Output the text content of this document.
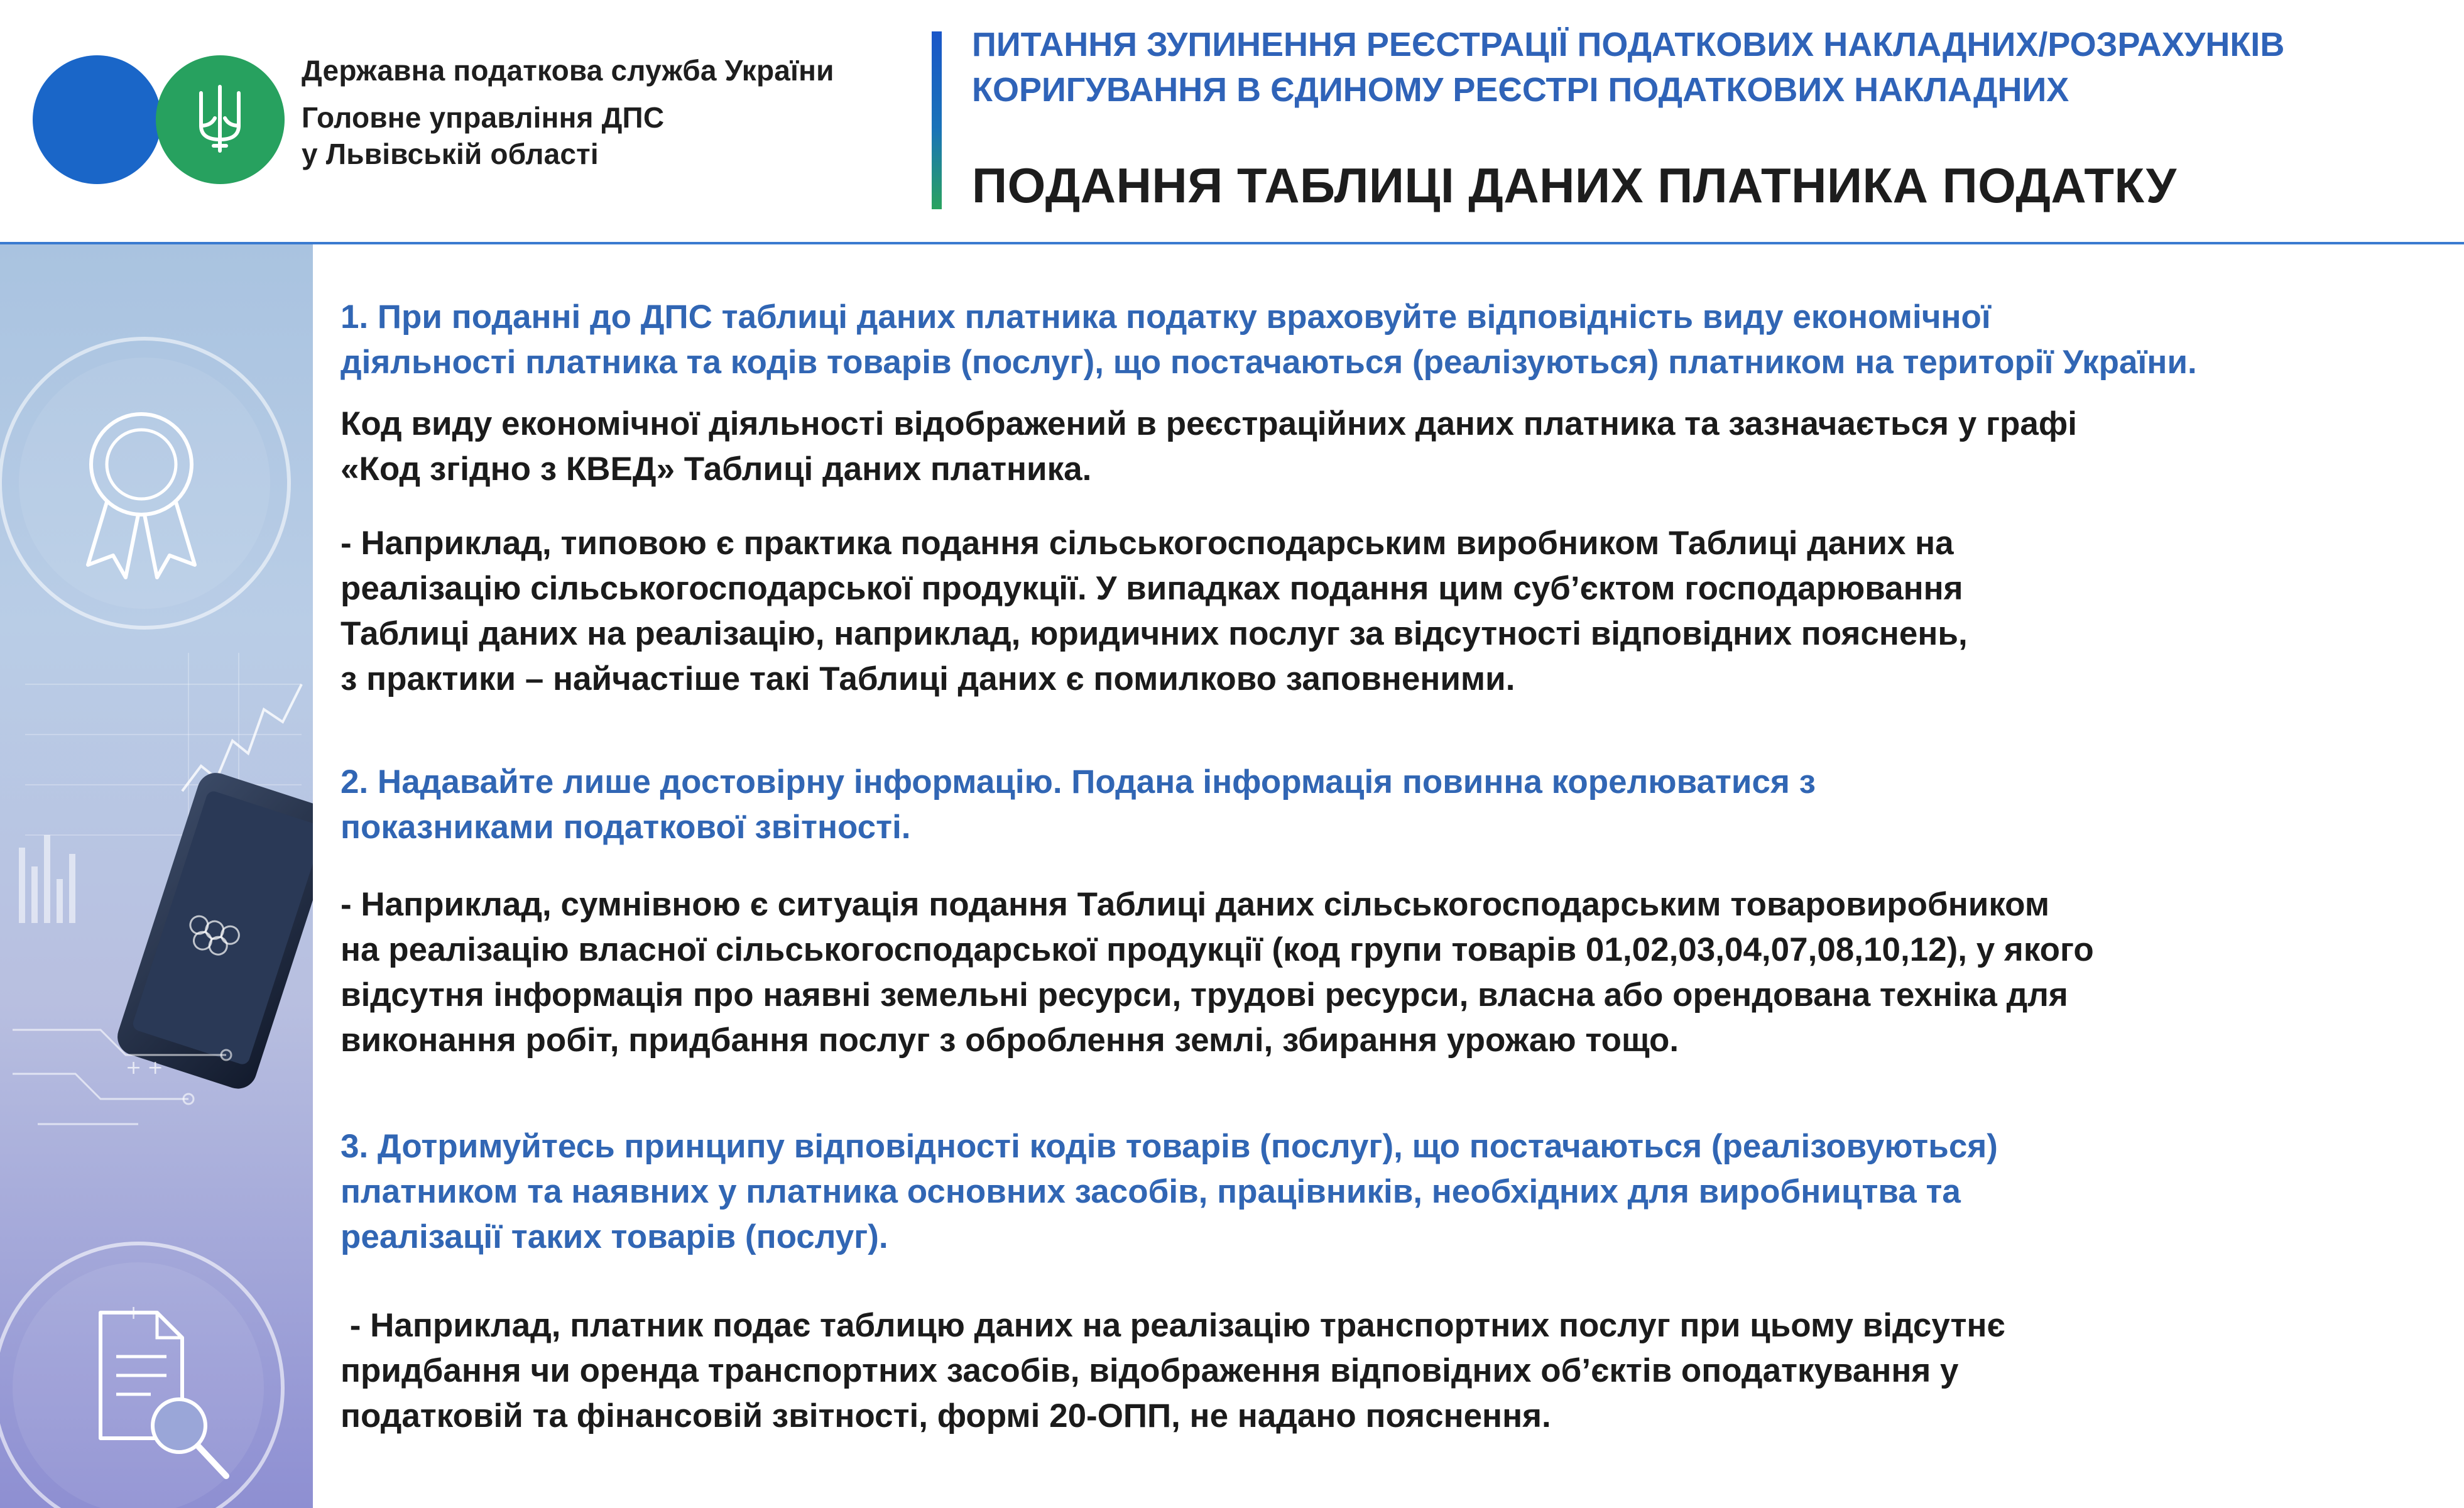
Державна податкова служба України
Головне управління ДПС
у Львівській області
ПИТАННЯ ЗУПИНЕННЯ РЕЄСТРАЦІЇ ПОДАТКОВИХ НАКЛАДНИХ/РОЗРАХУНКІВ
КОРИГУВАННЯ В ЄДИНОМУ РЕЄСТРІ ПОДАТКОВИХ НАКЛАДНИХ
ПОДАННЯ ТАБЛИЦІ ДАНИХ ПЛАТНИКА ПОДАТКУ
+ +
+
1. При поданні до ДПС таблиці даних платника податку враховуйте відповідність виду економічної
діяльності платника та кодів товарів (послуг), що постачаються (реалізуються) платником на території України.
Код виду економічної діяльності відображений в реєстраційних даних платника та зазначається у графі
«Код згідно з КВЕД» Таблиці даних платника.
- Наприклад, типовою є практика подання сільськогосподарським виробником Таблиці даних на
реалізацію сільськогосподарської продукції. У випадках подання цим суб’єктом господарювання
Таблиці даних на реалізацію, наприклад, юридичних послуг за відсутності відповідних пояснень,
з практики – найчастіше такі Таблиці даних є помилково заповненими.
2. Надавайте лише достовірну інформацію. Подана інформація повинна корелюватися з
показниками податкової звітності.
- Наприклад, сумнівною є ситуація подання Таблиці даних сільськогосподарським товаровиробником
на реалізацію власної сільськогосподарської продукції (код групи товарів 01,02,03,04,07,08,10,12), у якого
відсутня інформація про наявні земельні ресурси, трудові ресурси, власна або орендована техніка для
виконання робіт, придбання послуг з оброблення землі, збирання урожаю тощо.
3. Дотримуйтесь принципу відповідності кодів товарів (послуг), що постачаються (реалізовуються)
платником та наявних у платника основних засобів, працівників, необхідних для виробництва та
реалізації таких товарів (послуг).
- Наприклад, платник подає таблицю даних на реалізацію транспортних послуг при цьому відсутнє
придбання чи оренда транспортних засобів, відображення відповідних об’єктів оподаткування у
податковій та фінансовій звітності, формі 20-ОПП, не надано пояснення.
